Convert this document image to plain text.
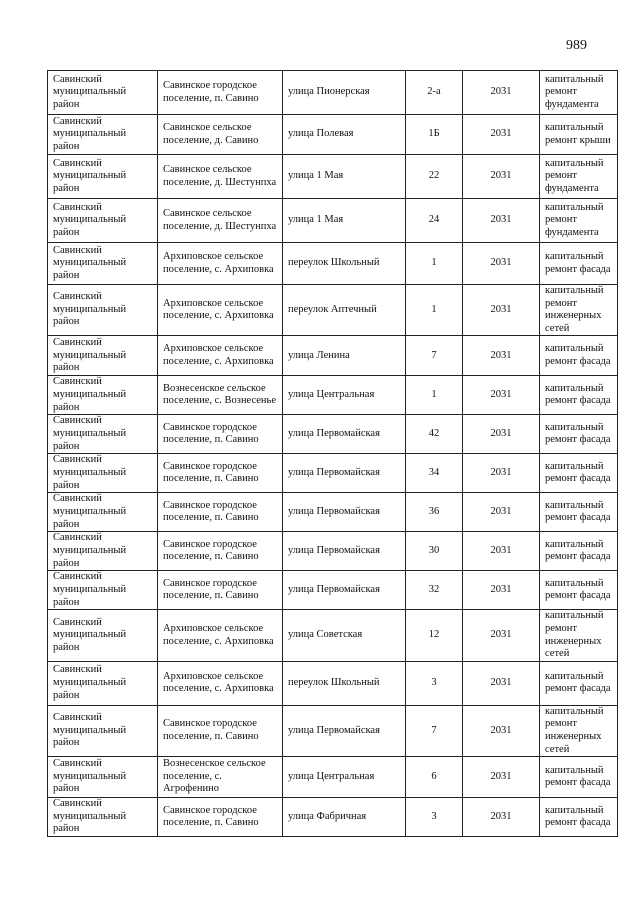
989
Савинский муниципальный район	Савинское городское поселение, п. Савино	улица Пионерская	2-а	2031	капитальный ремонт фундамента
Савинский муниципальный район	Савинское сельское поселение, д. Савино	улица Полевая	1Б	2031	капитальный ремонт крыши
Савинский муниципальный район	Савинское сельское поселение, д. Шестунпха	улица 1 Мая	22	2031	капитальный ремонт фундамента
Савинский муниципальный район	Савинское сельское поселение, д. Шестунпха	улица 1 Мая	24	2031	капитальный ремонт фундамента
Савинский муниципальный район	Архиповское сельское поселение, с. Архиповка	переулок Школьный	1	2031	капитальный ремонт фасада
Савинский муниципальный район	Архиповское сельское поселение, с. Архиповка	переулок Аптечный	1	2031	капитальный ремонт инженерных сетей
Савинский муниципальный район	Архиповское сельское поселение, с. Архиповка	улица Ленина	7	2031	капитальный ремонт фасада
Савинский муниципальный район	Вознесенское сельское поселение, с. Вознесенье	улица Центральная	1	2031	капитальный ремонт фасада
Савинский муниципальный район	Савинское городское поселение, п. Савино	улица Первомайская	42	2031	капитальный ремонт фасада
Савинский муниципальный район	Савинское городское поселение, п. Савино	улица Первомайская	34	2031	капитальный ремонт фасада
Савинский муниципальный район	Савинское городское поселение, п. Савино	улица Первомайская	36	2031	капитальный ремонт фасада
Савинский муниципальный район	Савинское городское поселение, п. Савино	улица Первомайская	30	2031	капитальный ремонт фасада
Савинский муниципальный район	Савинское городское поселение, п. Савино	улица Первомайская	32	2031	капитальный ремонт фасада
Савинский муниципальный район	Архиповское сельское поселение, с. Архиповка	улица Советская	12	2031	капитальный ремонт инженерных сетей
Савинский муниципальный район	Архиповское сельское поселение, с. Архиповка	переулок Школьный	3	2031	капитальный ремонт фасада
Савинский муниципальный район	Савинское городское поселение, п. Савино	улица Первомайская	7	2031	капитальный ремонт инженерных сетей
Савинский муниципальный район	Вознесенское сельское поселение, с. Агрофенино	улица Центральная	6	2031	капитальный ремонт фасада
Савинский муниципальный район	Савинское городское поселение, п. Савино	улица Фабричная	3	2031	капитальный ремонт фасада
